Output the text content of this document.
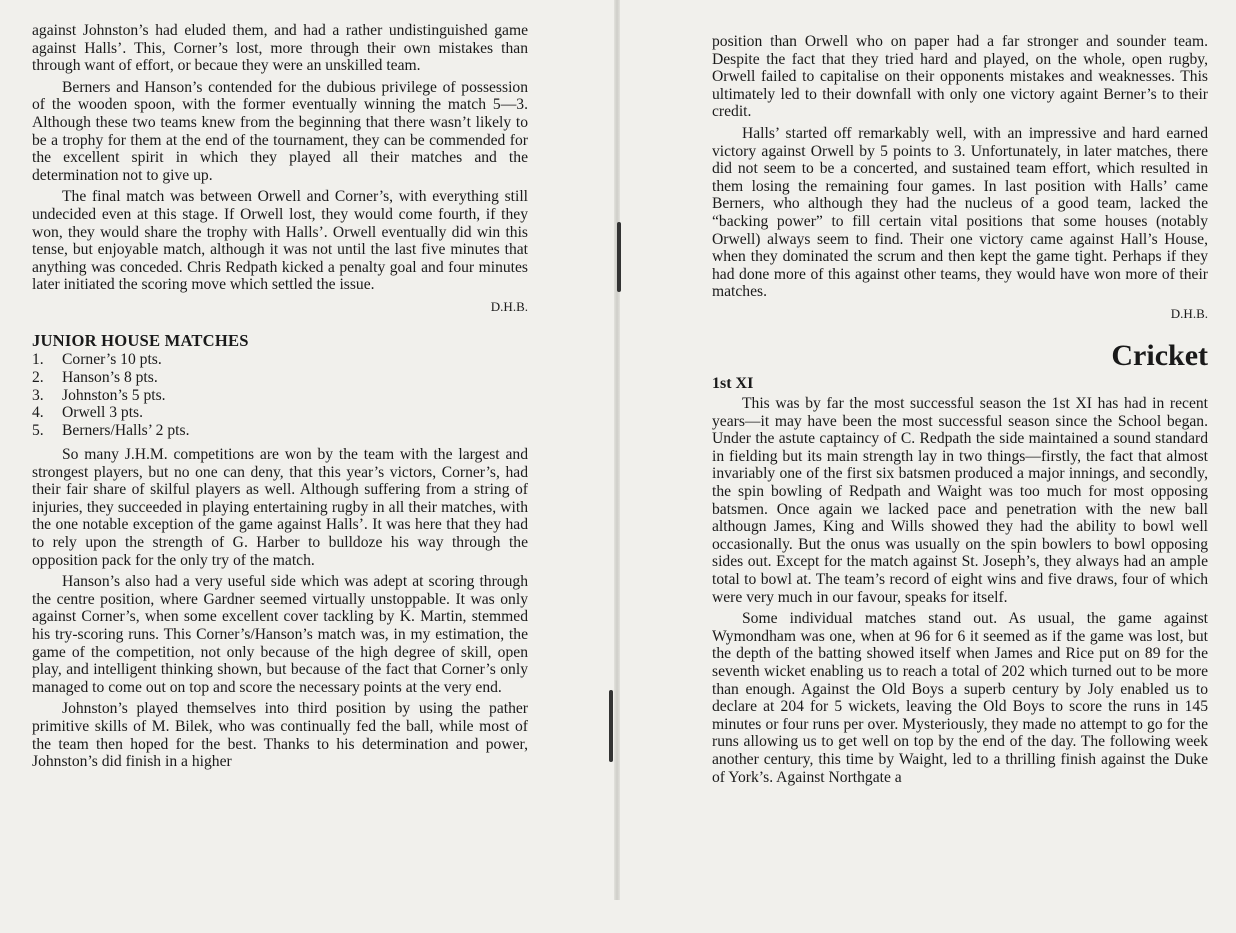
against Johnston’s had eluded them, and had a rather undistinguished game against Halls’. This, Corner’s lost, more through their own mistakes than through want of effort, or becaue they were an unskilled team.

Berners and Hanson’s contended for the dubious privilege of possession of the wooden spoon, with the former eventually winning the match 5—3. Although these two teams knew from the beginning that there wasn’t likely to be a trophy for them at the end of the tournament, they can be commended for the excellent spirit in which they played all their matches and the determination not to give up.

The final match was between Orwell and Corner’s, with everything still undecided even at this stage. If Orwell lost, they would come fourth, if they won, they would share the trophy with Halls’. Orwell eventually did win this tense, but enjoyable match, although it was not until the last five minutes that anything was conceded. Chris Redpath kicked a penalty goal and four minutes later initiated the scoring move which settled the issue.

D.H.B.
JUNIOR HOUSE MATCHES
1.	Corner’s 10 pts.
2.	Hanson’s 8 pts.
3.	Johnston’s 5 pts.
4.	Orwell 3 pts.
5.	Berners/Halls’ 2 pts.

So many J.H.M. competitions are won by the team with the largest and strongest players, but no one can deny, that this year’s victors, Corner’s, had their fair share of skilful players as well. Although suffering from a string of injuries, they succeeded in playing entertaining rugby in all their matches, with the one notable exception of the game against Halls’. It was here that they had to rely upon the strength of G. Harber to bulldoze his way through the opposition pack for the only try of the match.

Hanson’s also had a very useful side which was adept at scoring through the centre position, where Gardner seemed virtually unstoppable. It was only against Corner’s, when some excellent cover tackling by K. Martin, stemmed his try-scoring runs. This Corner’s/Hanson’s match was, in my estimation, the game of the competition, not only because of the high degree of skill, open play, and intelligent thinking shown, but because of the fact that Corner’s only managed to come out on top and score the necessary points at the very end.

Johnston’s played themselves into third position by using the pather primitive skills of M. Bilek, who was continually fed the ball, while most of the team then hoped for the best. Thanks to his determination and power, Johnston’s did finish in a higher

position than Orwell who on paper had a far stronger and sounder team. Despite the fact that they tried hard and played, on the whole, open rugby, Orwell failed to capitalise on their opponents mistakes and weaknesses. This ultimately led to their downfall with only one victory againt Berner’s to their credit.

Halls’ started off remarkably well, with an impressive and hard earned victory against Orwell by 5 points to 3. Unfortunately, in later matches, there did not seem to be a concerted, and sustained team effort, which resulted in them losing the remaining four games. In last position with Halls’ came Berners, who although they had the nucleus of a good team, lacked the “backing power” to fill certain vital positions that some houses (notably Orwell) always seem to find. Their one victory came against Hall’s House, when they dominated the scrum and then kept the game tight. Perhaps if they had done more of this against other teams, they would have won more of their matches.

D.H.B.
Cricket
1st XI

This was by far the most successful season the 1st XI has had in recent years—it may have been the most successful season since the School began. Under the astute captaincy of C. Redpath the side maintained a sound standard in fielding but its main strength lay in two things—firstly, the fact that almost invariably one of the first six batsmen produced a major innings, and secondly, the spin bowling of Redpath and Waight was too much for most opposing batsmen. Once again we lacked pace and penetration with the new ball althougn James, King and Wills showed they had the ability to bowl well occasionally. But the onus was usually on the spin bowlers to bowl opposing sides out. Except for the match against St. Joseph’s, they always had an ample total to bowl at. The team’s record of eight wins and five draws, four of which were very much in our favour, speaks for itself.

Some individual matches stand out. As usual, the game against Wymondham was one, when at 96 for 6 it seemed as if the game was lost, but the depth of the batting showed itself when James and Rice put on 89 for the seventh wicket enabling us to reach a total of 202 which turned out to be more than enough. Against the Old Boys a superb century by Joly enabled us to declare at 204 for 5 wickets, leaving the Old Boys to score the runs in 145 minutes or four runs per over. Mysteriously, they made no attempt to go for the runs allowing us to get well on top by the end of the day. The following week another century, this time by Waight, led to a thrilling finish against the Duke of York’s. Against Northgate a
